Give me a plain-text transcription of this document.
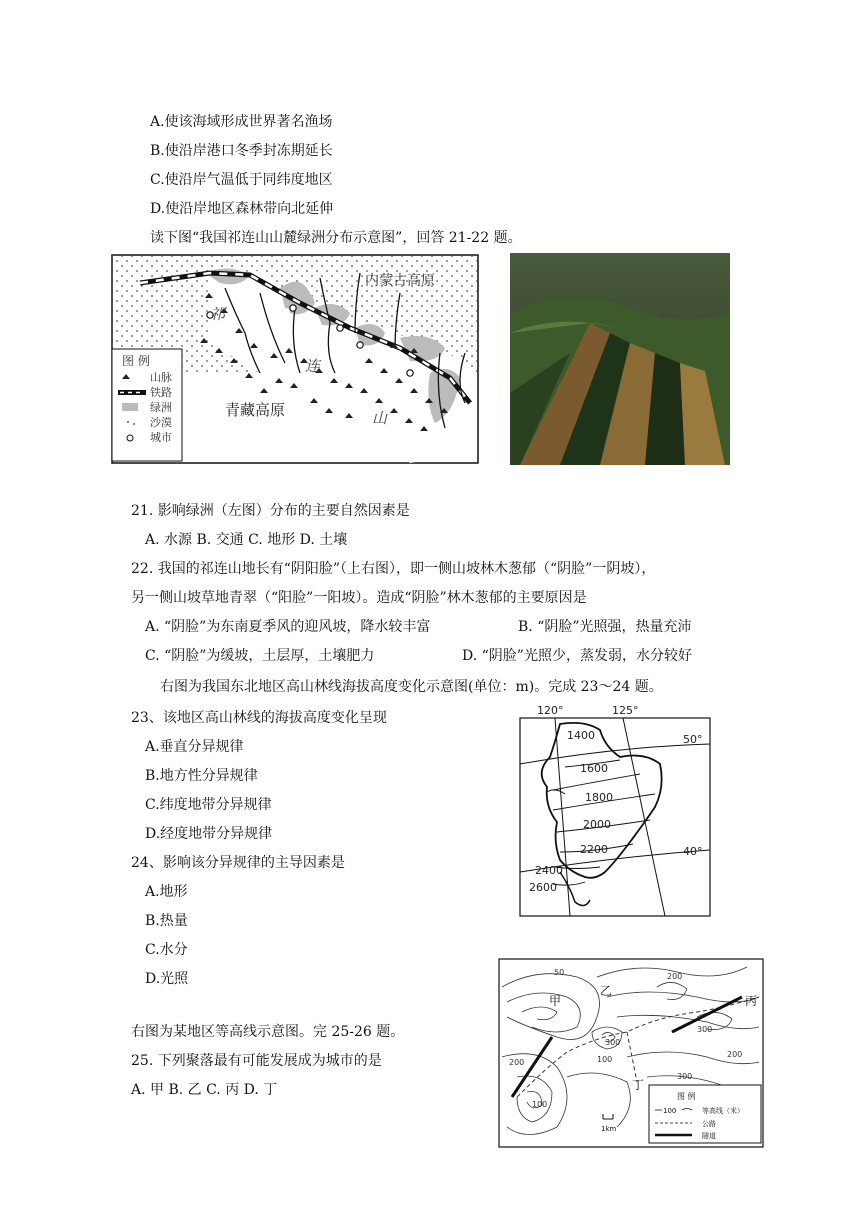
A.使该海域形成世界著名渔场
B.使沿岸港口冬季封冻期延长
C.使沿岸气温低于同纬度地区
D.使沿岸地区森林带向北延伸
读下图“我国祁连山山麓绿洲分布示意图”，回答 21-22 题。
内蒙古高原
青藏高原
祁
连
山
图 例
山脉
铁路
绿洲
沙漠
城市
21. 影响绿洲（左图）分布的主要自然因素是
A. 水源 B. 交通 C. 地形 D. 土壤
22. 我国的祁连山地长有“阴阳脸”（上右图），即一侧山坡林木葱郁（“阴脸”一阴坡），
另一侧山坡草地青翠（“阳脸”一阳坡）。造成“阴脸”林木葱郁的主要原因是
A. “阴脸”为东南夏季风的迎风坡，降水较丰富	B. “阴脸”光照强，热量充沛
C. “阴脸”为缓坡，土层厚，土壤肥力	D. “阴脸”光照少，蒸发弱，水分较好
右图为我国东北地区高山林线海拔高度变化示意图(单位：m)。完成 23～24 题。
23、该地区高山林线的海拔高度变化呈现
A.垂直分异规律
B.地方性分异规律
C.纬度地带分异规律
D.经度地带分异规律
24、影响该分异规律的主导因素是
A.地形
B.热量
C.水分
D.光照
120°	125°
50°
40°
1400
1600
1800
2000
2200
2400
2600
右图为某地区等高线示意图。完 25-26 题。
25. 下列聚落最有可能发展成为城市的是
A. 甲 B. 乙 C. 丙 D. 丁
甲
乙
丙
丁
50	200
300
100
300
200
300
200
100
1km
图 例
100	等高线（米）
公路
隧道
